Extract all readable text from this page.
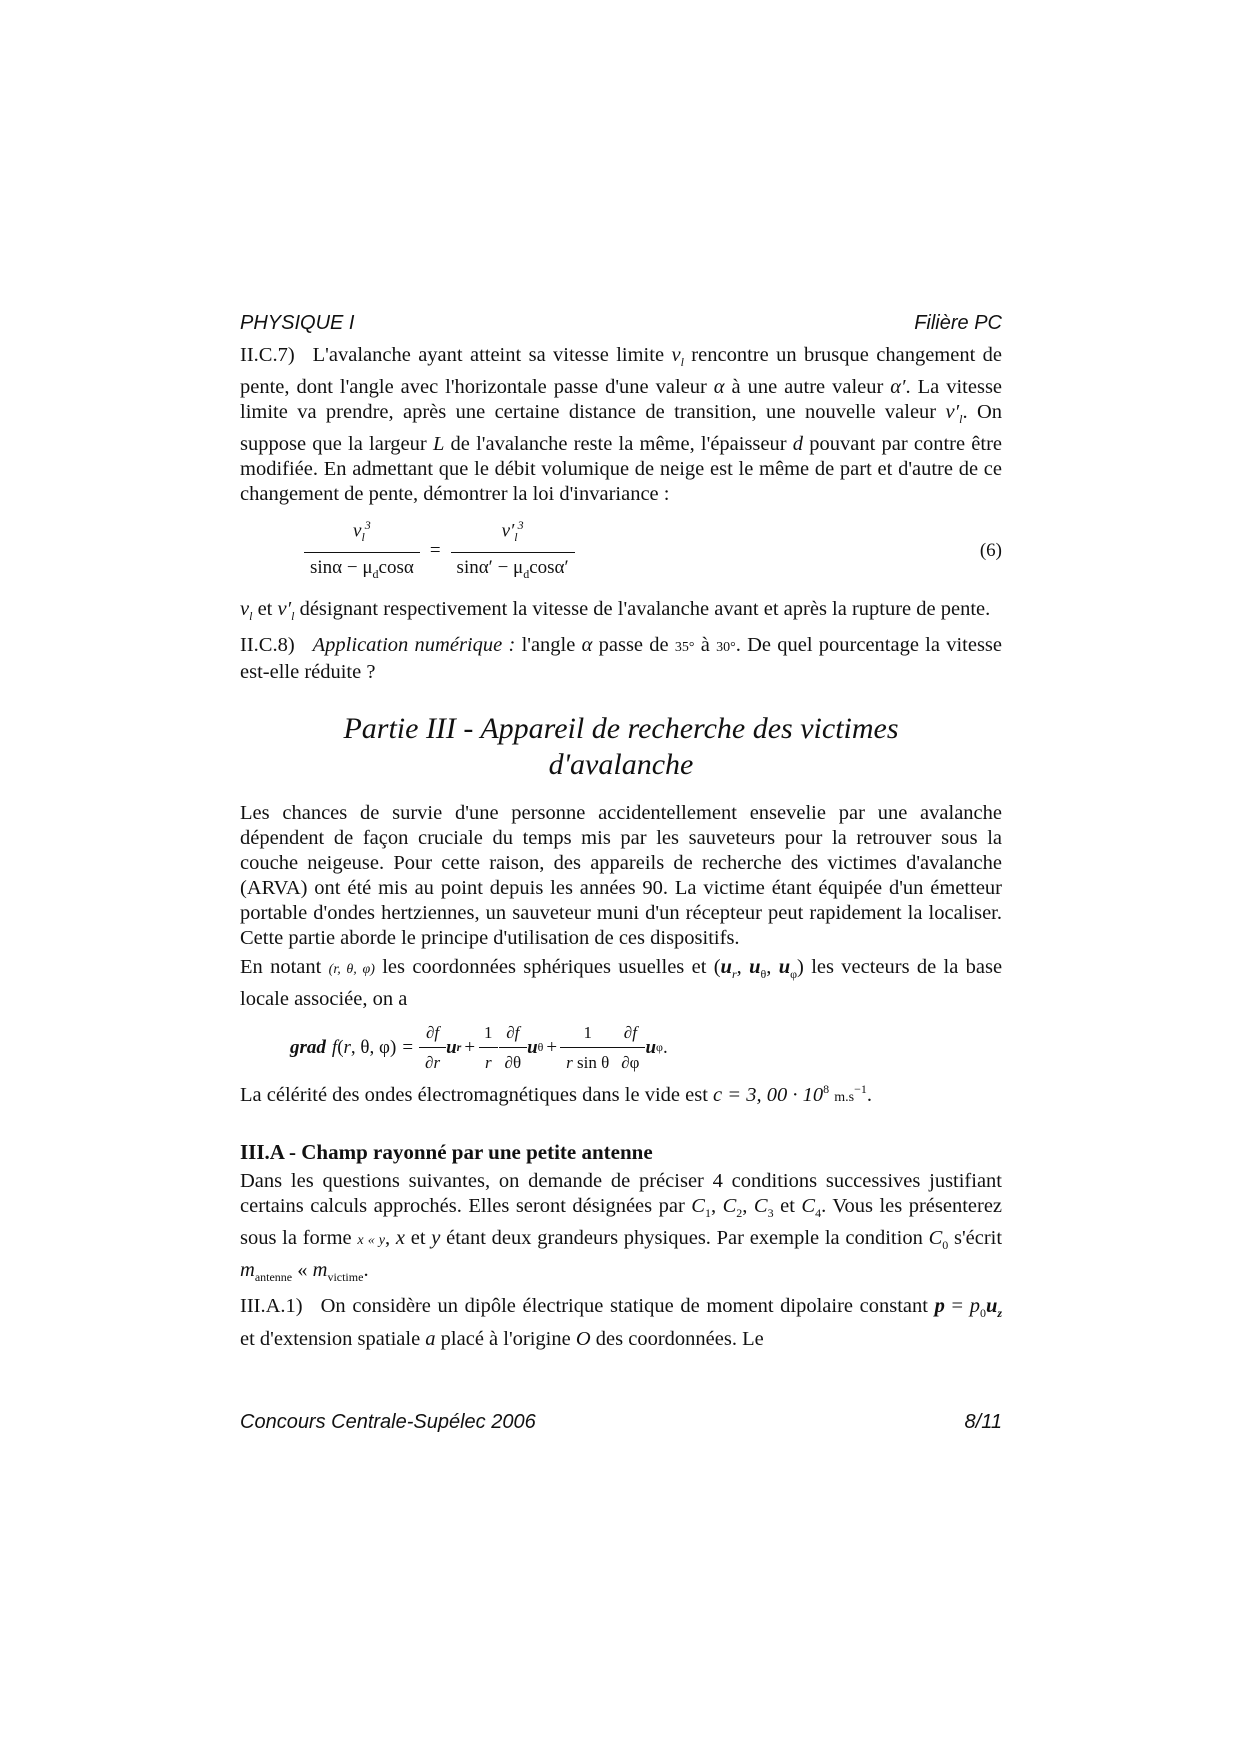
PHYSIQUE I	Filière PC

II.C.7) L'avalanche ayant atteint sa vitesse limite $v_l$ rencontre un brusque changement de pente, dont l'angle avec l'horizontale passe d'une valeur α à une autre valeur α′. La vitesse limite va prendre, après une certaine distance de transition, une nouvelle valeur $v'_l$. On suppose que la largeur L de l'avalanche reste la même, l'épaisseur d pouvant par contre être modifiée. En admettant que le débit volumique de neige est le même de part et d'autre de ce changement de pente, démontrer la loi d'invariance :

$\frac{v_l^3}{\sin\alpha - \mu_d\cos\alpha} = \frac{v'_l^3}{\sin\alpha' - \mu_d\cos\alpha'}$	(6)

$v_l$ et $v'_l$ désignant respectivement la vitesse de l'avalanche avant et après la rupture de pente.

II.C.8) Application numérique : l'angle α passe de 35° à 30°. De quel pourcentage la vitesse est-elle réduite ?

Partie III - Appareil de recherche des victimes
d'avalanche

Les chances de survie d'une personne accidentellement ensevelie par une avalanche dépendent de façon cruciale du temps mis par les sauveteurs pour la retrouver sous la couche neigeuse. Pour cette raison, des appareils de recherche des victimes d'avalanche (ARVA) ont été mis au point depuis les années 90. La victime étant équipée d'un émetteur portable d'ondes hertziennes, un sauveteur muni d'un récepteur peut rapidement la localiser. Cette partie aborde le principe d'utilisation de ces dispositifs.

En notant (r, θ, φ) les coordonnées sphériques usuelles et ($u_r$, $u_\theta$, $u_\varphi$) les vecteurs de la base locale associée, on a

grad f ( r , θ, $\varphi) = \frac{\partial f}{\partial r}$ u $r + \frac{1}{r} \frac{\partial f}{\partial\theta}$ u $\theta + \frac{1}{\text{r sin θ}} \frac{\partial f}{\partial\varphi}$ u φ .

La célérité des ondes électromagnétiques dans le vide est c = 3, $00 \cdot 10^8$ $m.s^{-1}$.

III.A - Champ rayonné par une petite antenne

Dans les questions suivantes, on demande de préciser 4 conditions successives justifiant certains calculs approchés. Elles seront désignées par $C_1$, $C_2$, $C_3$ et $C_4$. Vous les présenterez sous la forme x « y, x et y étant deux grandeurs physiques. Par exemple la condition $C_0$ s'écrit $m_{antenne}$ « $m_{victime}$.

III.A.1) On considère un dipôle électrique statique de moment dipolaire constant $p = p_0u_z$ et d'extension spatiale a placé à l'origine O des coordonnées. Le

Concours Centrale-Supélec 2006	8/11
